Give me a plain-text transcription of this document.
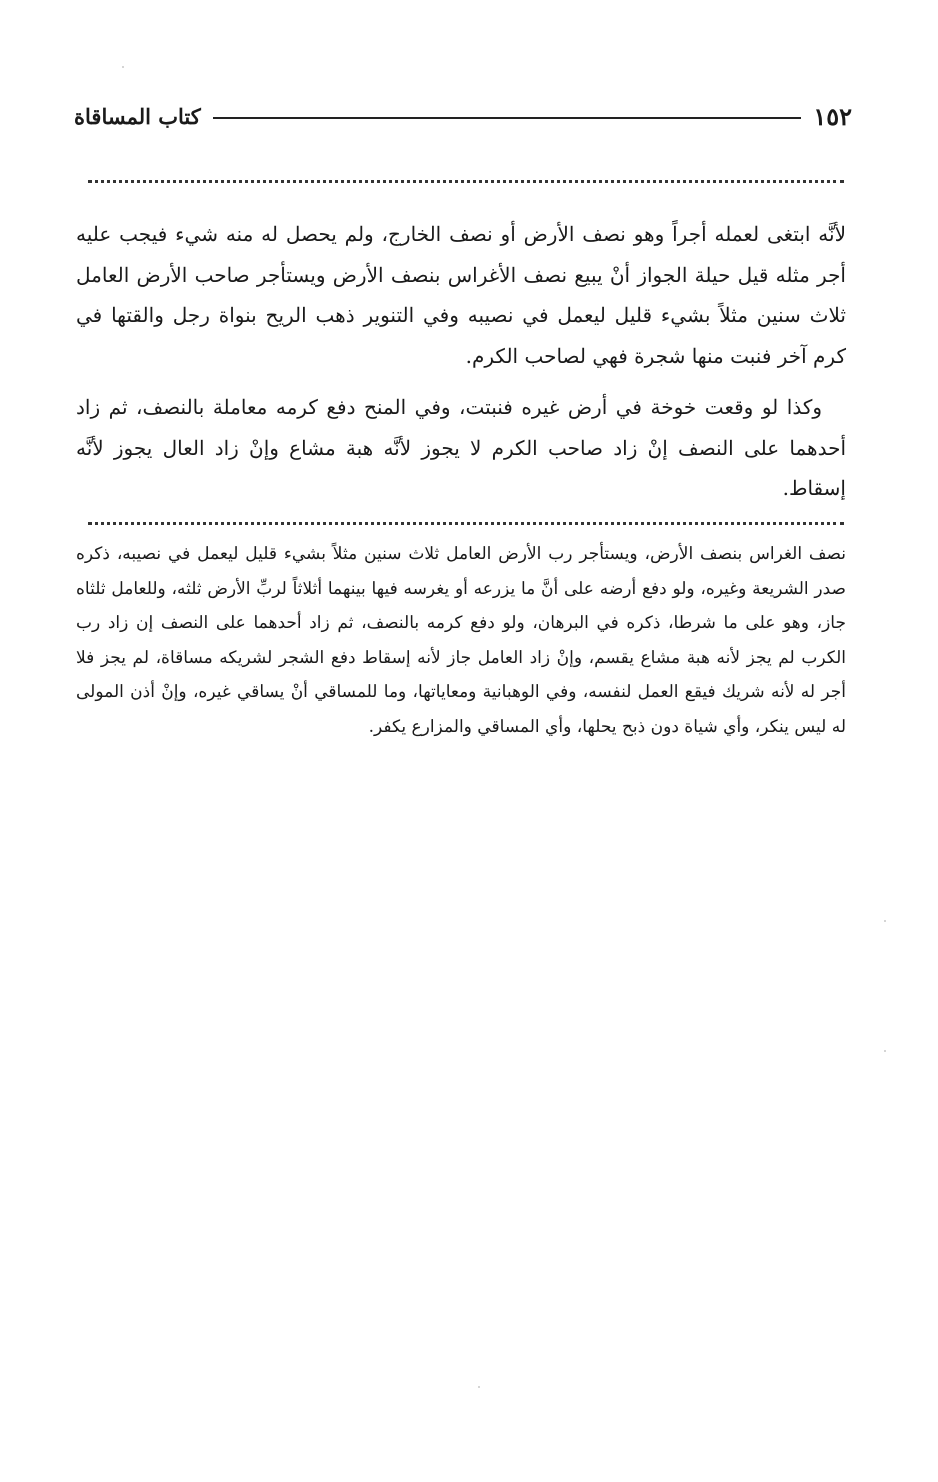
١٥٢
كتاب المساقاة

لأنَّه ابتغى لعمله أجراً وهو نصف الأرض أو نصف الخارج، ولم يحصل له منه شيء فيجب عليه أجر مثله قيل حيلة الجواز أنْ يبيع نصف الأغراس بنصف الأرض ويستأجر صاحب الأرض العامل ثلاث سنين مثلاً بشيء قليل ليعمل في نصيبه وفي التنوير ذهب الريح بنواة رجل والقتها في كرم آخر فنبت منها شجرة فهي لصاحب الكرم.

وكذا لو وقعت خوخة في أرض غيره فنبتت، وفي المنح دفع كرمه معاملة بالنصف، ثم زاد أحدهما على النصف إنْ زاد صاحب الكرم لا يجوز لأنَّه هبة مشاع وإنْ زاد العال يجوز لأنَّه إسقاط.

نصف الغراس بنصف الأرض، ويستأجر رب الأرض العامل ثلاث سنين مثلاً بشيء قليل ليعمل في نصيبه، ذكره صدر الشريعة وغيره، ولو دفع أرضه على أنَّ ما يزرعه أو يغرسه فيها بينهما أثلاثاً لربِّ الأرض ثلثه، وللعامل ثلثاه جاز، وهو على ما شرطا، ذكره في البرهان، ولو دفع كرمه بالنصف، ثم زاد أحدهما على النصف إن زاد رب الكرب لم يجز لأنه هبة مشاع يقسم، وإنْ زاد العامل جاز لأنه إسقاط دفع الشجر لشريكه مساقاة، لم يجز فلا أجر له لأنه شريك فيقع العمل لنفسه، وفي الوهبانية ومعاياتها، وما للمساقي أنْ يساقي غيره، وإنْ أذن المولى له ليس ينكر، وأي شياة دون ذبح يحلها، وأي المساقي والمزارع يكفر.
